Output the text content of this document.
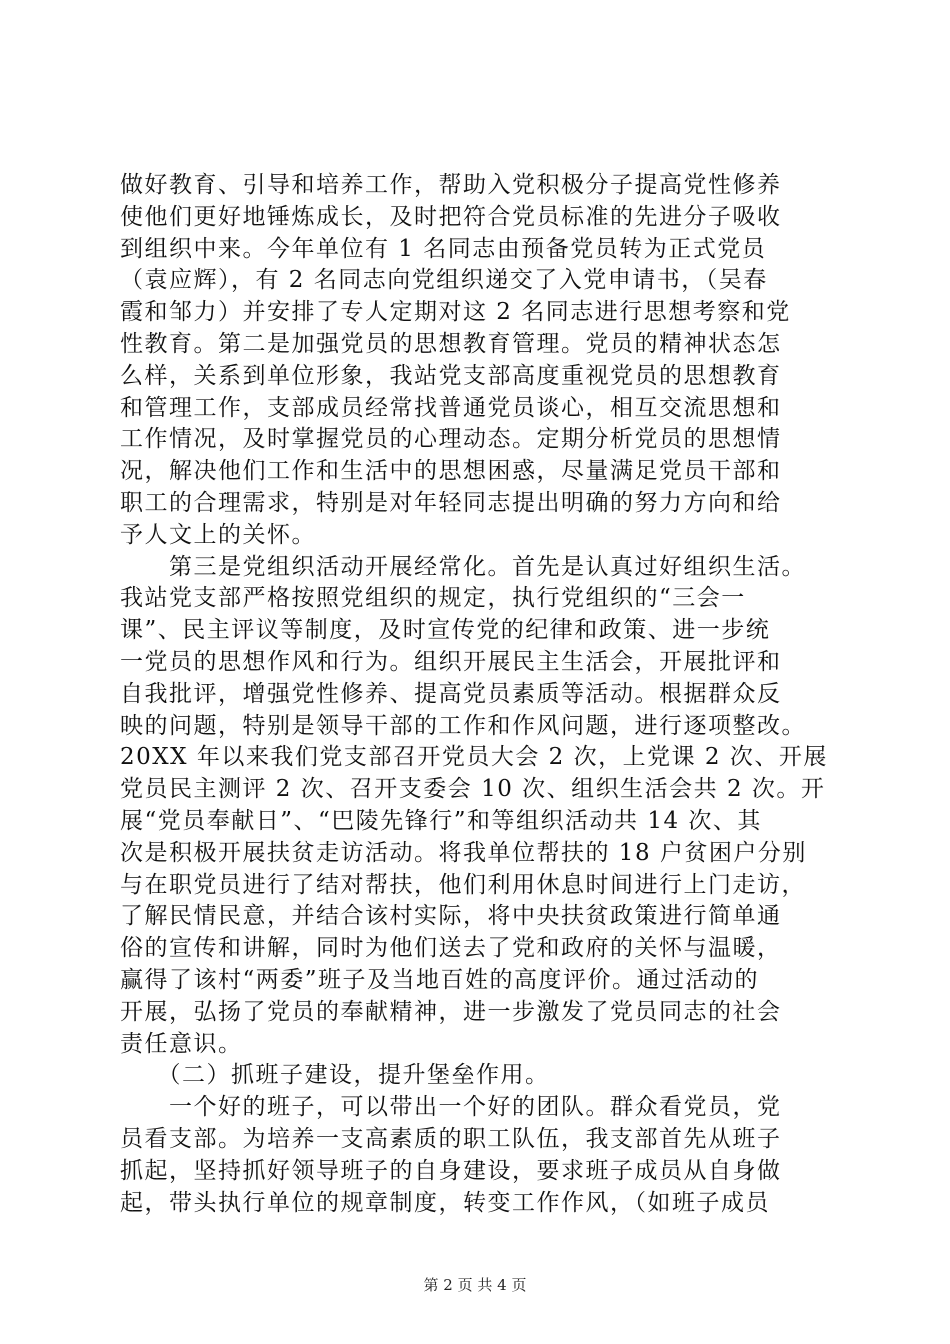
做好教育、引导和培养工作，帮助入党积极分子提高党性修养
使他们更好地锤炼成长，及时把符合党员标准的先进分子吸收
到组织中来。今年单位有 1 名同志由预备党员转为正式党员
（袁应辉），有 2 名同志向党组织递交了入党申请书，（吴春
霞和邹力）并安排了专人定期对这 2 名同志进行思想考察和党
性教育。第二是加强党员的思想教育管理。党员的精神状态怎
么样，关系到单位形象，我站党支部高度重视党员的思想教育
和管理工作，支部成员经常找普通党员谈心，相互交流思想和
工作情况，及时掌握党员的心理动态。定期分析党员的思想情
况，解决他们工作和生活中的思想困惑，尽量满足党员干部和
职工的合理需求，特别是对年轻同志提出明确的努力方向和给
予人文上的关怀。
　　第三是党组织活动开展经常化。首先是认真过好组织生活。
我站党支部严格按照党组织的规定，执行党组织的“三会一
课”、民主评议等制度，及时宣传党的纪律和政策、进一步统
一党员的思想作风和行为。组织开展民主生活会，开展批评和
自我批评，增强党性修养、提高党员素质等活动。根据群众反
映的问题，特别是领导干部的工作和作风问题，进行逐项整改。
20XX 年以来我们党支部召开党员大会 2 次，上党课 2 次、开展
党员民主测评 2 次、召开支委会 10 次、组织生活会共 2 次。开
展“党员奉献日”、“巴陵先锋行”和等组织活动共 14 次、其
次是积极开展扶贫走访活动。将我单位帮扶的 18 户贫困户分别
与在职党员进行了结对帮扶，他们利用休息时间进行上门走访，
了解民情民意，并结合该村实际，将中央扶贫政策进行简单通
俗的宣传和讲解，同时为他们送去了党和政府的关怀与温暖，
赢得了该村“两委”班子及当地百姓的高度评价。通过活动的
开展，弘扬了党员的奉献精神，进一步激发了党员同志的社会
责任意识。
　　（二）抓班子建设，提升堡垒作用。
　　一个好的班子，可以带出一个好的团队。群众看党员，党
员看支部。为培养一支高素质的职工队伍，我支部首先从班子
抓起，坚持抓好领导班子的自身建设，要求班子成员从自身做
起，带头执行单位的规章制度，转变工作作风，（如班子成员
第 2 页 共 4 页
